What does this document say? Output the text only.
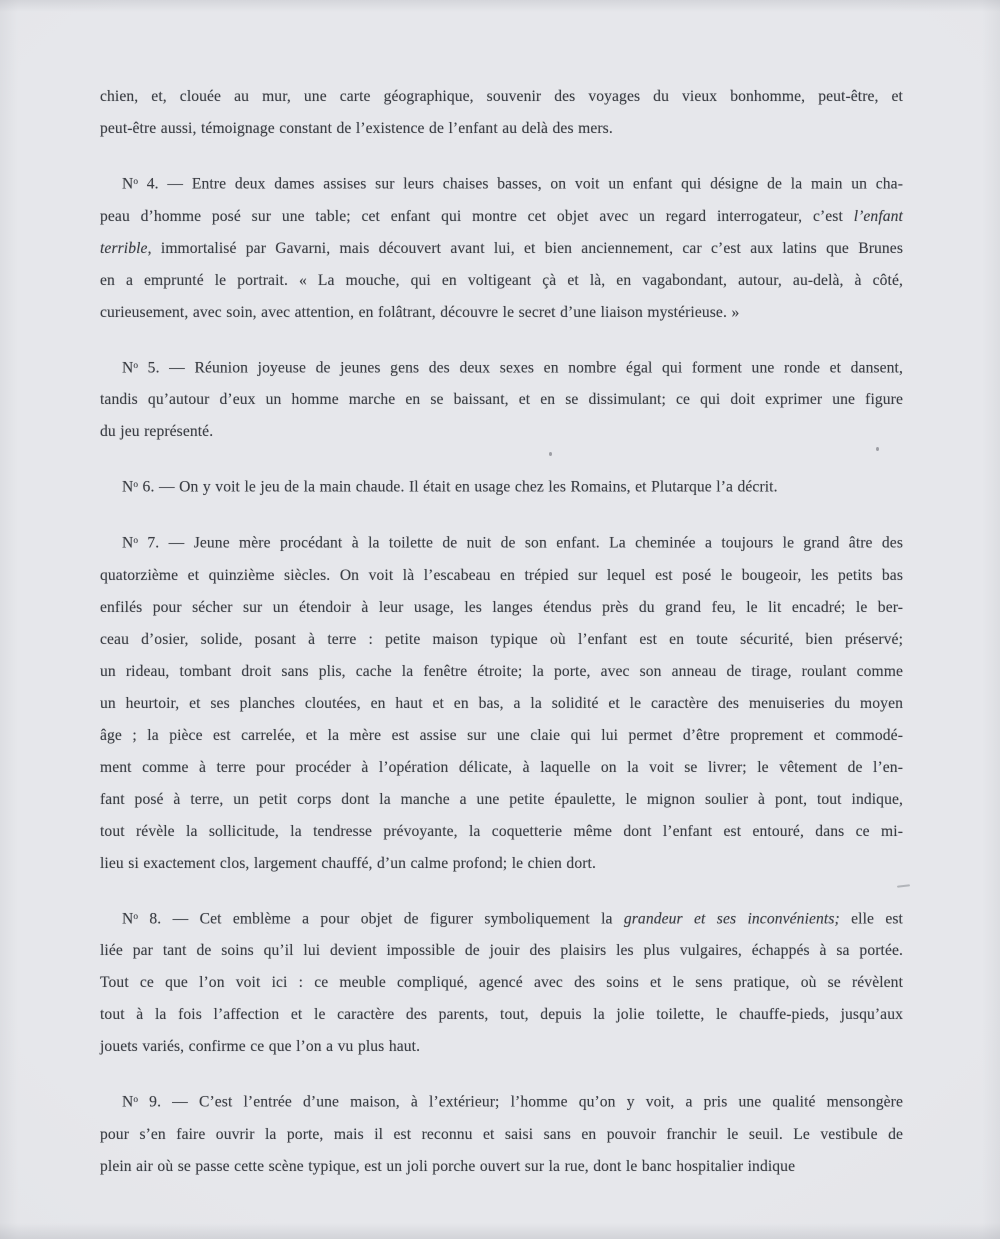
chien, et, clouée au mur, une carte géographique, souvenir des voyages du vieux bonhomme, peut-être, et
peut-être aussi, témoignage constant de l’existence de l’enfant au delà des mers.
$N^o$ 4. — Entre deux dames assises sur leurs chaises basses, on voit un enfant qui désigne de la main un cha-
peau d’homme posé sur une table; cet enfant qui montre cet objet avec un regard interrogateur, c’est l’enfant
terrible, immortalisé par Gavarni, mais découvert avant lui, et bien anciennement, car c’est aux latins que Brunes
en a emprunté le portrait. « La mouche, qui en voltigeant çà et là, en vagabondant, autour, au-delà, à côté,
curieusement, avec soin, avec attention, en folâtrant, découvre le secret d’une liaison mystérieuse. »
$N^o$ 5. — Réunion joyeuse de jeunes gens des deux sexes en nombre égal qui forment une ronde et dansent,
tandis qu’autour d’eux un homme marche en se baissant, et en se dissimulant; ce qui doit exprimer une figure
du jeu représenté.
$N^o$ 6. — On y voit le jeu de la main chaude. Il était en usage chez les Romains, et Plutarque l’a décrit.
$N^o$ 7. — Jeune mère procédant à la toilette de nuit de son enfant. La cheminée a toujours le grand âtre des
quatorzième et quinzième siècles. On voit là l’escabeau en trépied sur lequel est posé le bougeoir, les petits bas
enfilés pour sécher sur un étendoir à leur usage, les langes étendus près du grand feu, le lit encadré; le ber-
ceau d’osier, solide, posant à terre : petite maison typique où l’enfant est en toute sécurité, bien préservé;
un rideau, tombant droit sans plis, cache la fenêtre étroite; la porte, avec son anneau de tirage, roulant comme
un heurtoir, et ses planches cloutées, en haut et en bas, a la solidité et le caractère des menuiseries du moyen
âge ; la pièce est carrelée, et la mère est assise sur une claie qui lui permet d’être proprement et commodé-
ment comme à terre pour procéder à l’opération délicate, à laquelle on la voit se livrer; le vêtement de l’en-
fant posé à terre, un petit corps dont la manche a une petite épaulette, le mignon soulier à pont, tout indique,
tout révèle la sollicitude, la tendresse prévoyante, la coquetterie même dont l’enfant est entouré, dans ce mi-
lieu si exactement clos, largement chauffé, d’un calme profond; le chien dort.
$N^o$ 8. — Cet emblème a pour objet de figurer symboliquement la grandeur et ses inconvénients; elle est
liée par tant de soins qu’il lui devient impossible de jouir des plaisirs les plus vulgaires, échappés à sa portée.
Tout ce que l’on voit ici : ce meuble compliqué, agencé avec des soins et le sens pratique, où se révèlent
tout à la fois l’affection et le caractère des parents, tout, depuis la jolie toilette, le chauffe-pieds, jusqu’aux
jouets variés, confirme ce que l’on a vu plus haut.
$N^o$ 9. — C’est l’entrée d’une maison, à l’extérieur; l’homme qu’on y voit, a pris une qualité mensongère
pour s’en faire ouvrir la porte, mais il est reconnu et saisi sans en pouvoir franchir le seuil. Le vestibule de
plein air où se passe cette scène typique, est un joli porche ouvert sur la rue, dont le banc hospitalier indique
